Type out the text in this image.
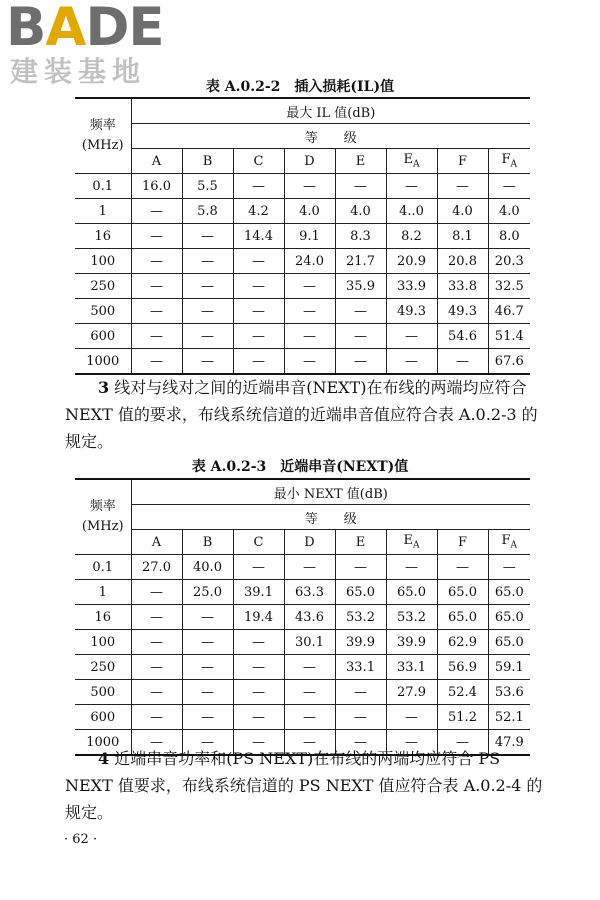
BADE
建装基地	表 A.0.2-2　插入损耗(IL)值
频率
(MHz)	最大 IL 值(dB)							
	等　　级							
	A	B	C	D	E	$E_A$	F	$F_A$
0.1	16.0	5.5	—	—	—	—	—	—
1	—	5.8	4.2	4.0	4.0	4..0	4.0	4.0
16	—	—	14.4	9.1	8.3	8.2	8.1	8.0
100	—	—	—	24.0	21.7	20.9	20.8	20.3
250	—	—	—	—	35.9	33.9	33.8	32.5
500	—	—	—	—	—	49.3	49.3	46.7
600	—	—	—	—	—	—	54.6	51.4
1000	—	—	—	—	—	—	—	67.6
3 线对与线对之间的近端串音(NEXT)在布线的两端均应符合 NEXT 值的要求，布线系统信道的近端串音值应符合表 A.0.2-3 的规定。
表 A.0.2-3　近端串音(NEXT)值
频率
(MHz)	最小 NEXT 值(dB)							
	等　　级							
	A	B	C	D	E	$E_A$	F	$F_A$
0.1	27.0	40.0	—	—	—	—	—	—
1	—	25.0	39.1	63.3	65.0	65.0	65.0	65.0
16	—	—	19.4	43.6	53.2	53.2	65.0	65.0
100	—	—	—	30.1	39.9	39.9	62.9	65.0
250	—	—	—	—	33.1	33.1	56.9	59.1
500	—	—	—	—	—	27.9	52.4	53.6
600	—	—	—	—	—	—	51.2	52.1
1000	—	—	—	—	—	—	—	47.9
4 近端串音功率和(PS NEXT)在布线的两端均应符合 PS NEXT 值要求，布线系统信道的 PS NEXT 值应符合表 A.0.2-4 的规定。
· 62 ·
